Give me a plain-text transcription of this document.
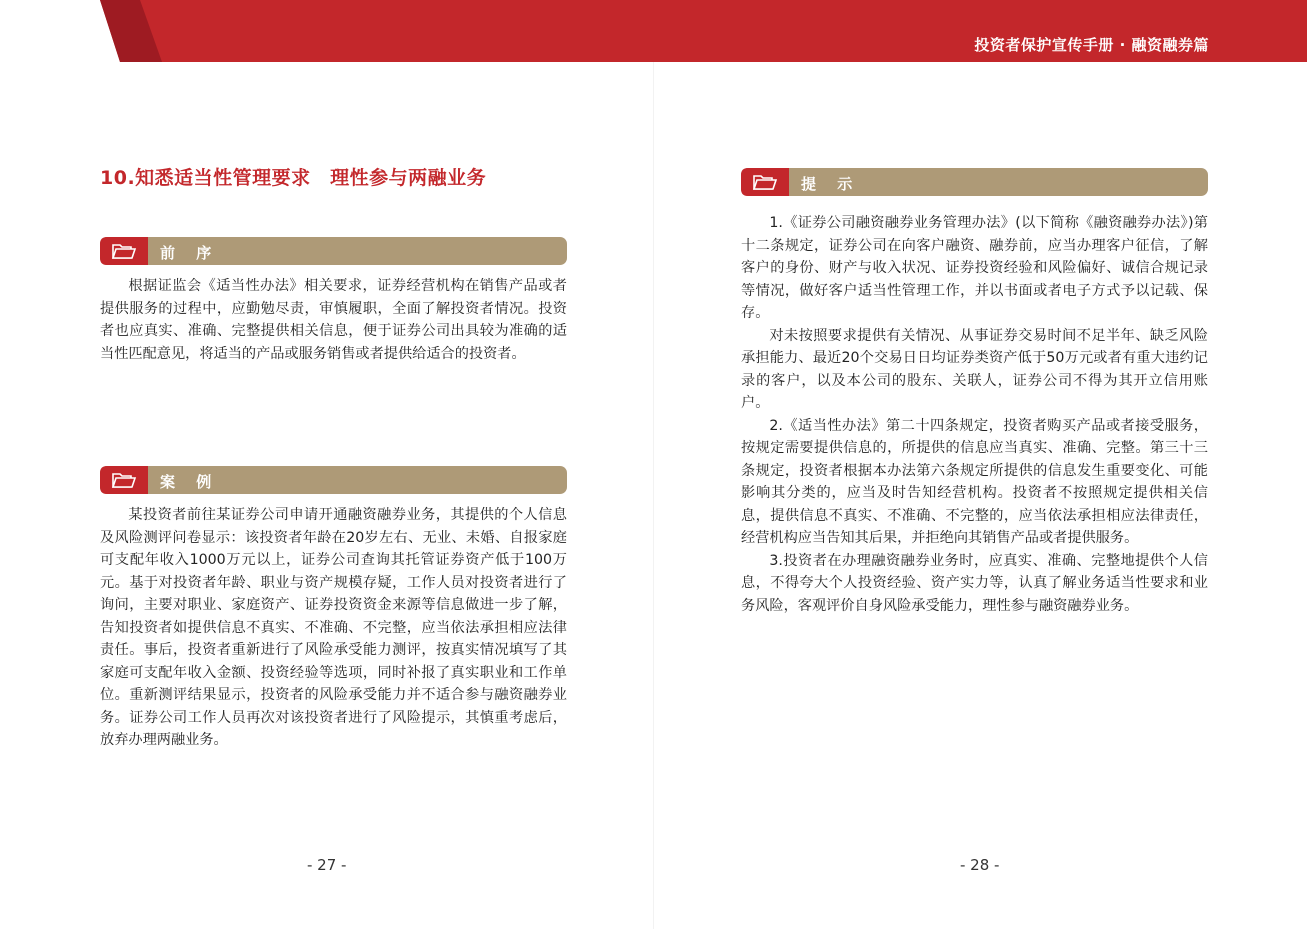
投资者保护宣传手册 · 融资融券篇
10.知悉适当性管理要求　理性参与两融业务
前 序

根据证监会《适当性办法》相关要求，证券经营机构在销售产品或者提供服务的过程中，应勤勉尽责，审慎履职，全面了解投资者情况。投资者也应真实、准确、完整提供相关信息，便于证券公司出具较为准确的适当性匹配意见，将适当的产品或服务销售或者提供给适合的投资者。

案 例

某投资者前往某证券公司申请开通融资融券业务，其提供的个人信息及风险测评问卷显示：该投资者年龄在20岁左右、无业、未婚、自报家庭可支配年收入1000万元以上，证券公司查询其托管证券资产低于100万元。基于对投资者年龄、职业与资产规模存疑，工作人员对投资者进行了询问，主要对职业、家庭资产、证券投资资金来源等信息做进一步了解，告知投资者如提供信息不真实、不准确、不完整，应当依法承担相应法律责任。事后，投资者重新进行了风险承受能力测评，按真实情况填写了其家庭可支配年收入金额、投资经验等选项，同时补报了真实职业和工作单位。重新测评结果显示，投资者的风险承受能力并不适合参与融资融券业务。证券公司工作人员再次对该投资者进行了风险提示，其慎重考虑后，放弃办理两融业务。

- 27 -
提 示

1.《证券公司融资融券业务管理办法》(以下简称《融资融券办法》)第十二条规定，证券公司在向客户融资、融券前，应当办理客户征信，了解客户的身份、财产与收入状况、证券投资经验和风险偏好、诚信合规记录等情况，做好客户适当性管理工作，并以书面或者电子方式予以记载、保存。

对未按照要求提供有关情况、从事证券交易时间不足半年、缺乏风险承担能力、最近20个交易日日均证券类资产低于50万元或者有重大违约记录的客户，以及本公司的股东、关联人，证券公司不得为其开立信用账户。

2.《适当性办法》第二十四条规定，投资者购买产品或者接受服务，按规定需要提供信息的，所提供的信息应当真实、准确、完整。第三十三条规定，投资者根据本办法第六条规定所提供的信息发生重要变化、可能影响其分类的，应当及时告知经营机构。投资者不按照规定提供相关信息，提供信息不真实、不准确、不完整的，应当依法承担相应法律责任，经营机构应当告知其后果，并拒绝向其销售产品或者提供服务。

3.投资者在办理融资融券业务时，应真实、准确、完整地提供个人信息，不得夸大个人投资经验、资产实力等，认真了解业务适当性要求和业务风险，客观评价自身风险承受能力，理性参与融资融券业务。

- 28 -
